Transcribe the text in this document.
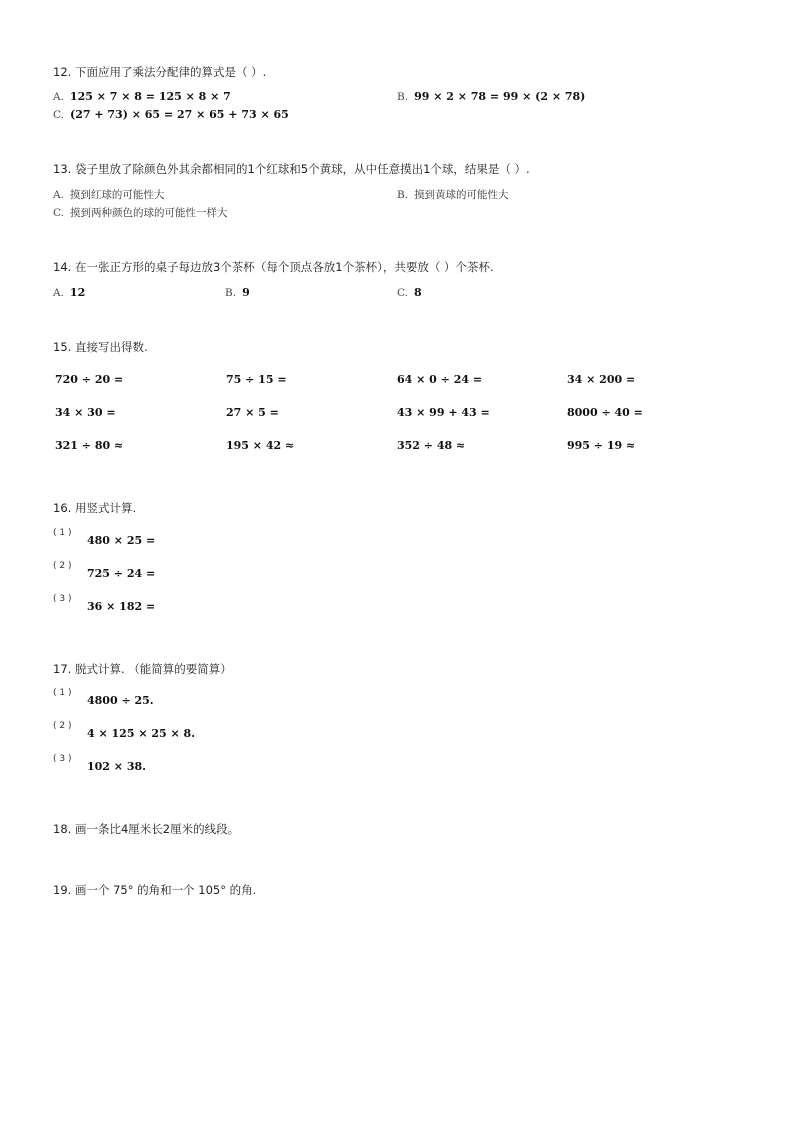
12. 下面应用了乘法分配律的算式是（ ）.
A. 125 × 7 × 8 = 125 × 8 × 7	B. 99 × 2 × 78 = 99 × (2 × 78)
C. (27 + 73) × 65 = 27 × 65 + 73 × 65
13. 袋子里放了除颜色外其余都相同的1个红球和5个黄球，从中任意摸出1个球，结果是（ ）.
A. 摸到红球的可能性大	B. 摸到黄球的可能性大
C. 摸到两种颜色的球的可能性一样大
14. 在一张正方形的桌子每边放3个茶杯（每个顶点各放1个茶杯），共要放（ ）个茶杯.
A. 12	B. 9	C. 8
15. 直接写出得数.
720 ÷ 20 =	75 ÷ 15 =	64 × 0 ÷ 24 =	34 × 200 =
34 × 30 =	27 × 5 =	43 × 99 + 43 =	8000 ÷ 40 =
321 ÷ 80 ≈	195 × 42 ≈	352 ÷ 48 ≈	995 ÷ 19 ≈
16. 用竖式计算.
( 1 )
480 × 25 =
( 2 )
725 ÷ 24 =
( 3 )
36 × 182 =
17. 脱式计算. （能简算的要简算）
( 1 )
4800 ÷ 25.
( 2 )
4 × 125 × 25 × 8.
( 3 )
102 × 38.
18. 画一条比4厘米长2厘米的线段。
19. 画一个 75° 的角和一个 105° 的角.
